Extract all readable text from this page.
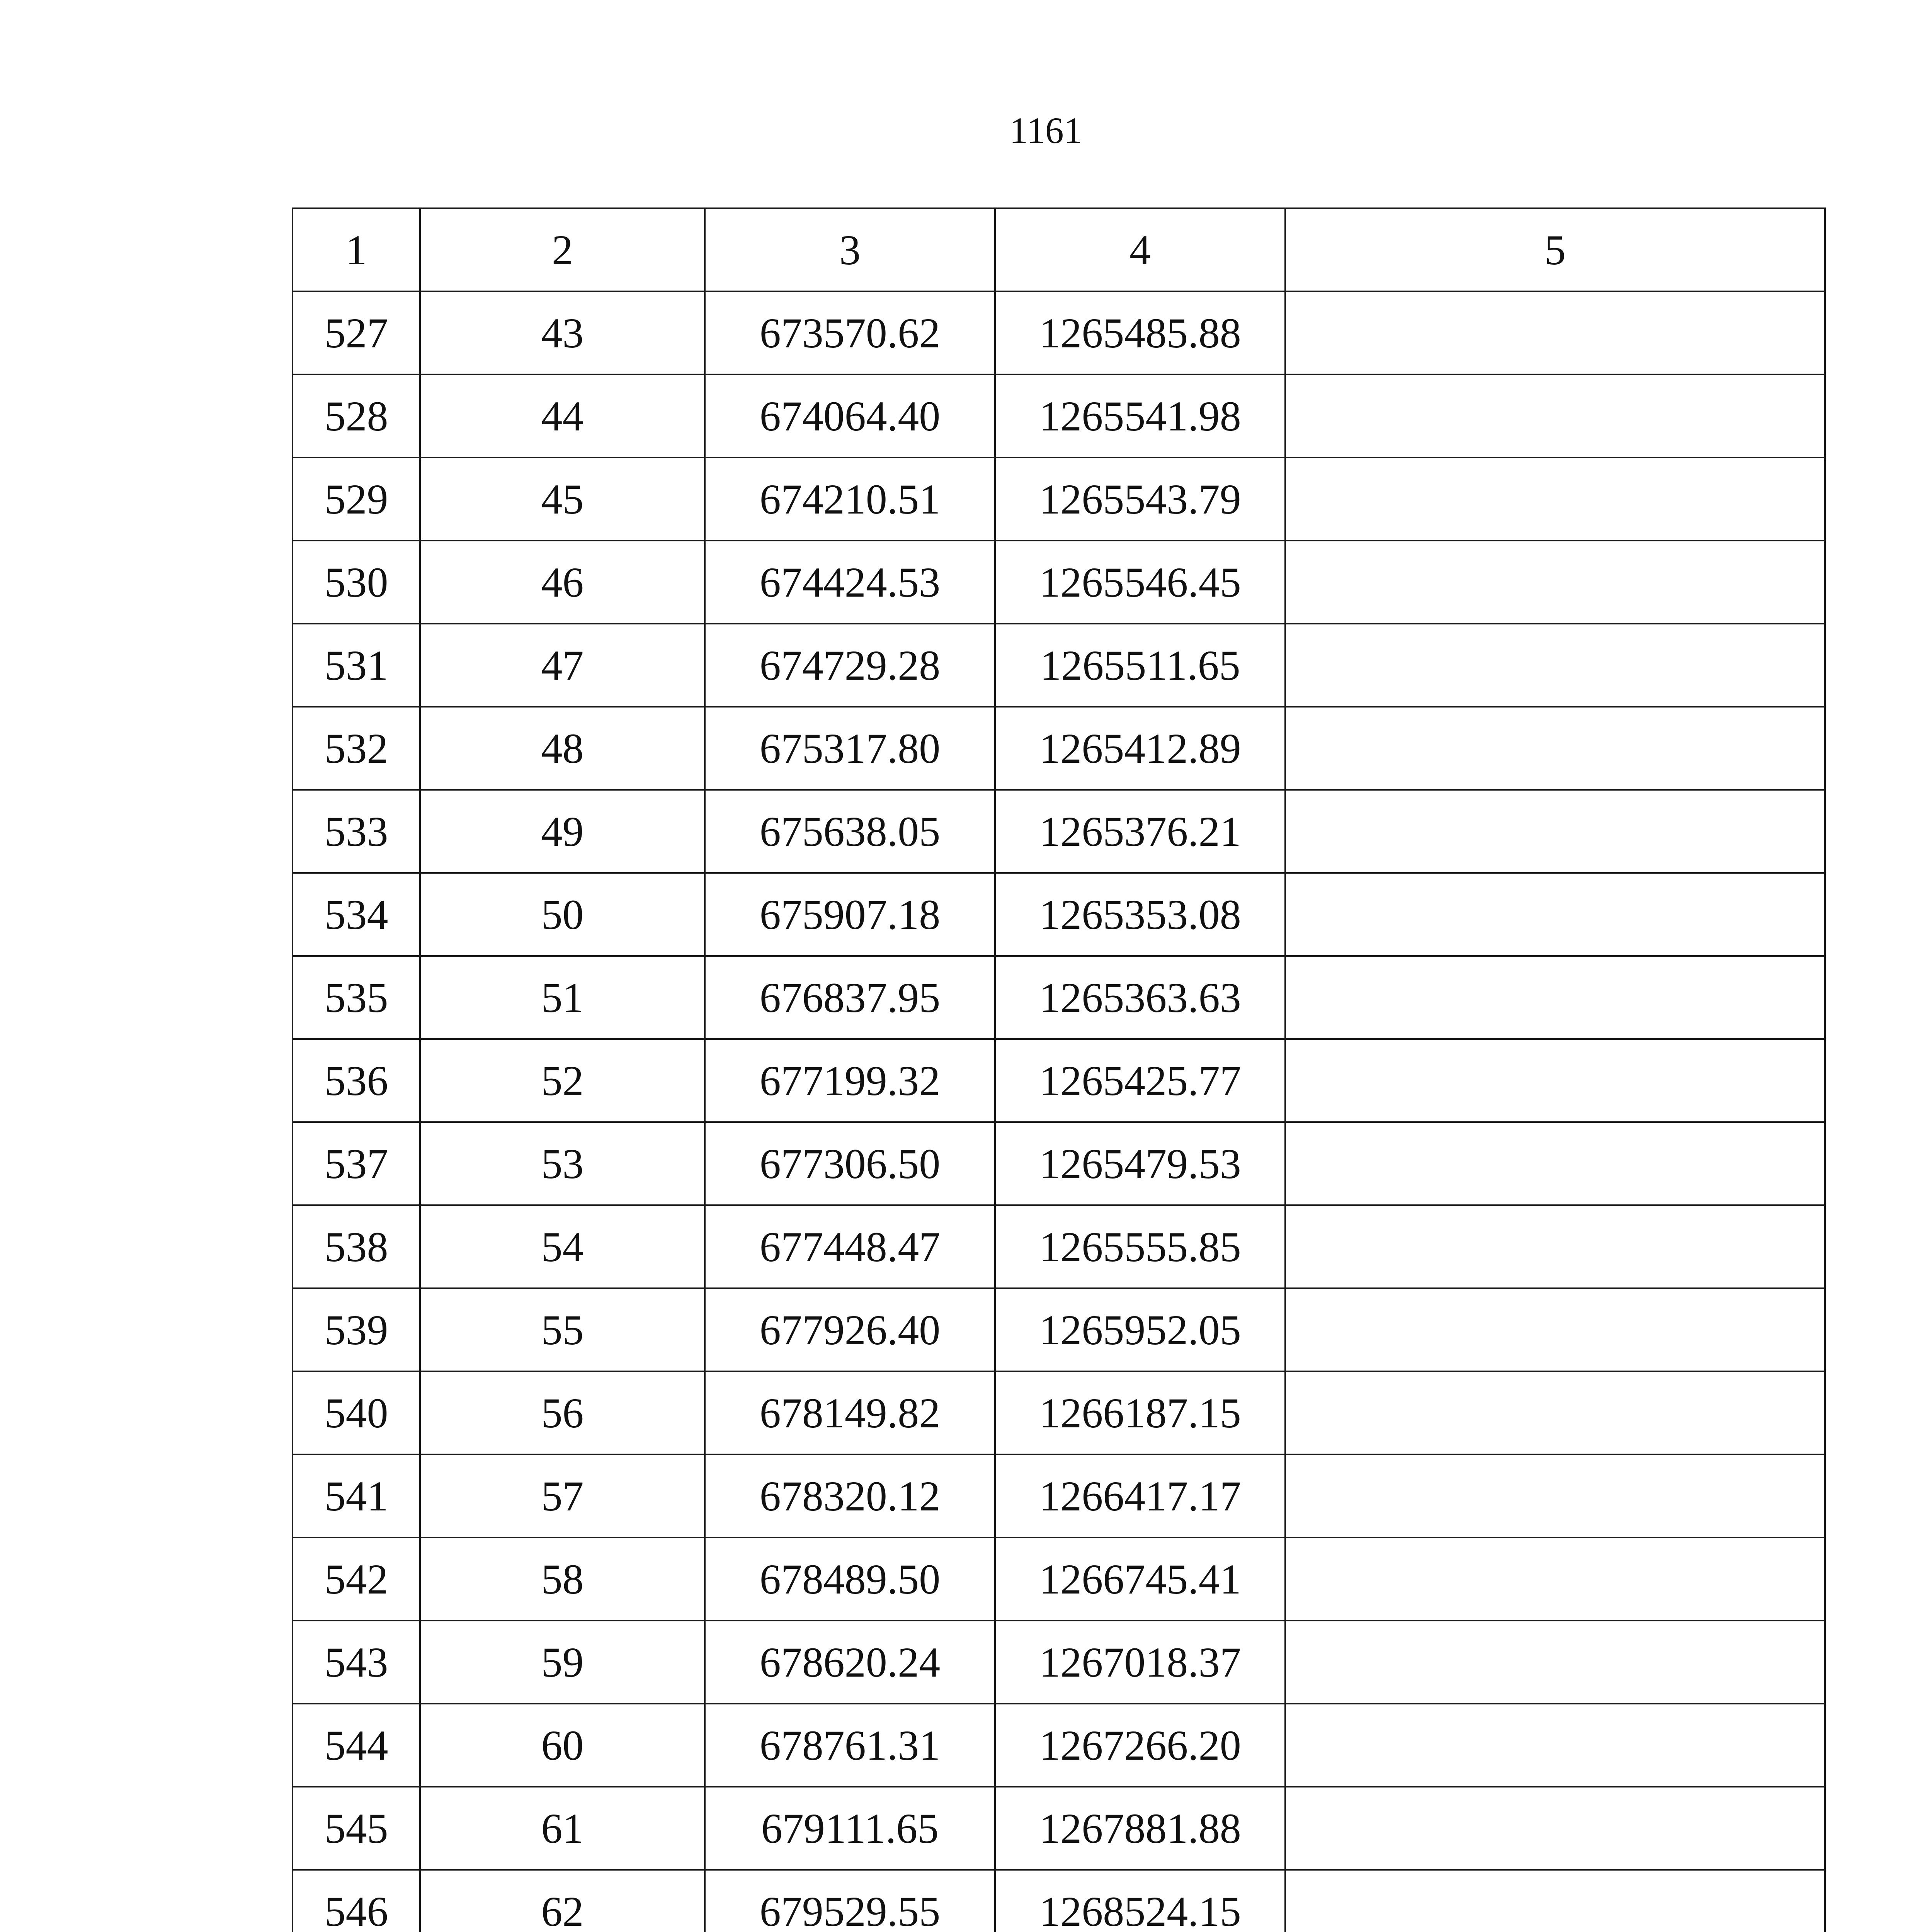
1161
1	2	3	4	5
527	43	673570.62	1265485.88	
528	44	674064.40	1265541.98	
529	45	674210.51	1265543.79	
530	46	674424.53	1265546.45	
531	47	674729.28	1265511.65	
532	48	675317.80	1265412.89	
533	49	675638.05	1265376.21	
534	50	675907.18	1265353.08	
535	51	676837.95	1265363.63	
536	52	677199.32	1265425.77	
537	53	677306.50	1265479.53	
538	54	677448.47	1265555.85	
539	55	677926.40	1265952.05	
540	56	678149.82	1266187.15	
541	57	678320.12	1266417.17	
542	58	678489.50	1266745.41	
543	59	678620.24	1267018.37	
544	60	678761.31	1267266.20	
545	61	679111.65	1267881.88	
546	62	679529.55	1268524.15	
